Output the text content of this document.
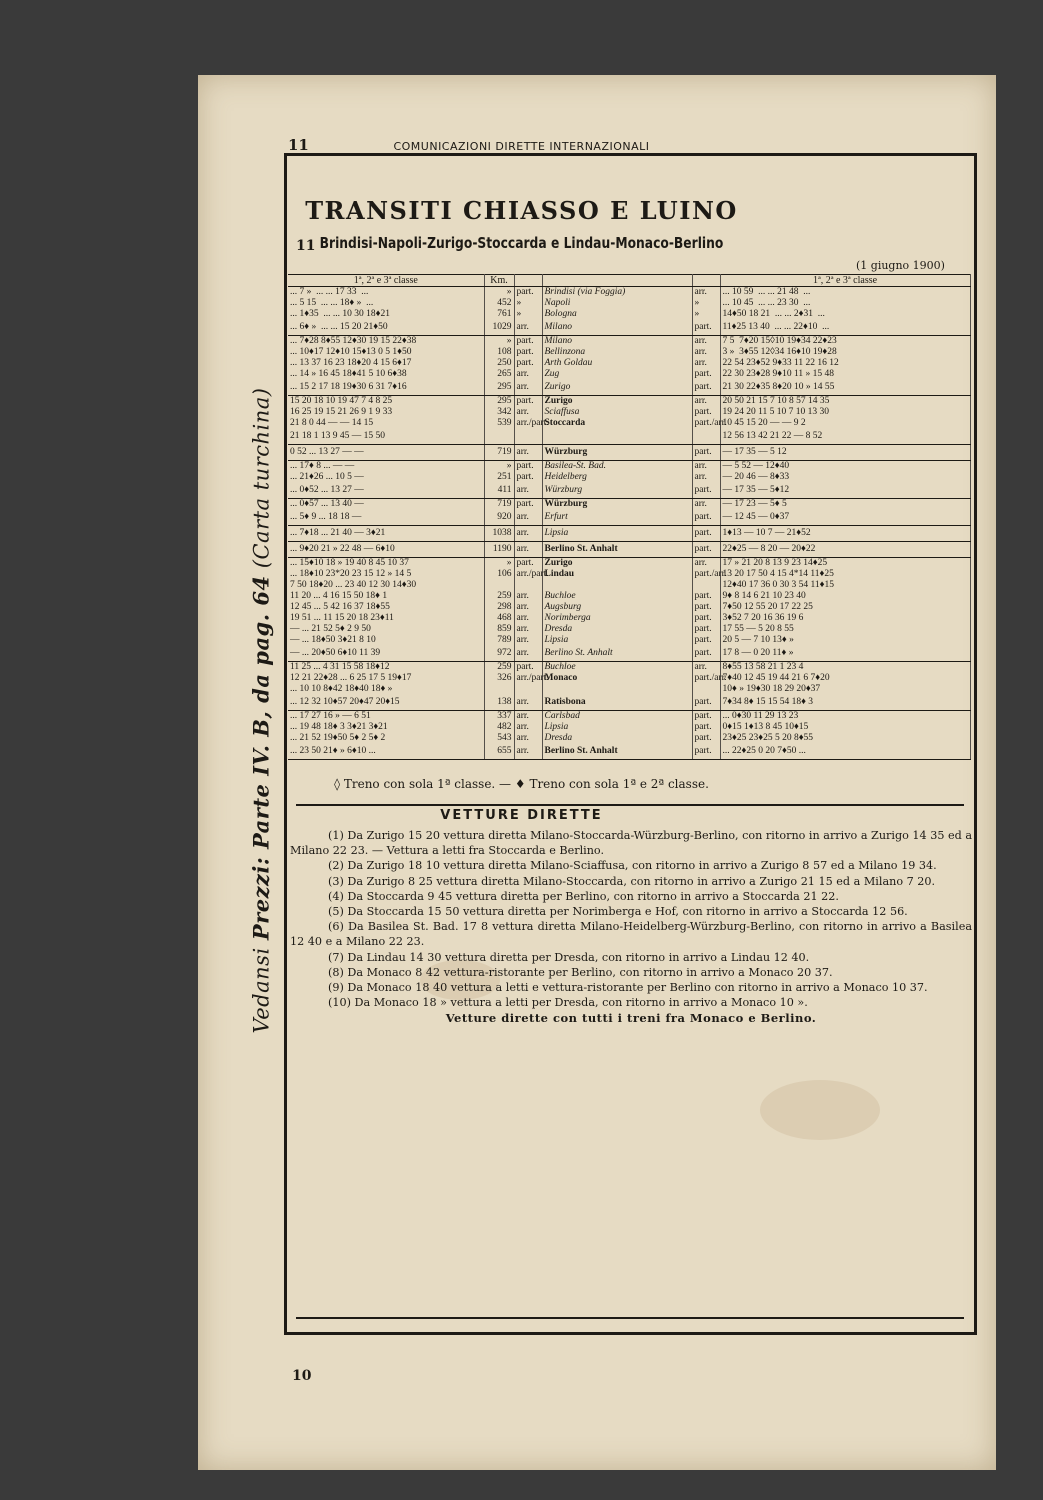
Vedansi Prezzi: Parte IV. B, da pag. 64 (Carta turchina)
11	COMUNICAZIONI DIRETTE INTERNAZIONALI
TRANSITI CHIASSO E LUINO
11 Brindisi-Napoli-Zurigo-Stoccarda e Lindau-Monaco-Berlino
(1 giugno 1900)
1ª, 2ª e 3ª classe	Km.				1ª, 2ª e 3ª classe
... 7 »  ... ... 17 33  ...	»	part.	Brindisi (via Foggia)	arr.	... 10 59  ... ... 21 48  ...
... 5 15  ... ... 18♦ »  ...	452	»	Napoli	»	... 10 45  ... ... 23 30  ...
... 1♦35  ... ... 10 30 18♦21	761	»	Bologna	»	14♦50 18 21  ... ... 2♦31  ...
... 6♦ »  ... ... 15 20 21♦50	1029	arr.	Milano	part.	11♦25 13 40  ... ... 22♦10  ...
... 7♦28 8♦55 12♦30 19 15 22♦38	»	part.	Milano	arr.	7 5  7♦20 15◊10 19♦34 22♦23
... 10♦17 12♦10 15♦13 0 5 1♦50	108	part.	Bellinzona	arr.	3 »  3♦55 12◊34 16♦10 19♦28
... 13 37 16 23 18♦20 4 15 6♦17	250	part.	Arth Goldau	arr.	22 54 23♦52 9♦33 11 22 16 12
... 14 » 16 45 18♦41 5 10 6♦38	265	arr.	Zug	part.	22 30 23♦28 9♦10 11 » 15 48
... 15 2 17 18 19♦30 6 31 7♦16	295	arr.	Zurigo	part.	21 30 22♦35 8♦20 10 » 14 55
15 20 18 10 19 47 7 4 8 25	295	part.	Zurigo	arr.	20 50 21 15 7 10 8 57 14 35
16 25 19 15 21 26 9 1 9 33	342	arr.	Sciaffusa	part.	19 24 20 11 5 10 7 10 13 30
21 8 0 44 — — 14 15	539	arr./part.	Stoccarda	part./arr.	10 45 15 20 — — 9 2
21 18 1 13 9 45 — 15 50					12 56 13 42 21 22 — 8 52
0 52 ... 13 27 — —	719	arr.	Würzburg	part.	— 17 35 — 5 12
... 17♦ 8 ... — —	»	part.	Basilea-St. Bad.	arr.	— 5 52 — 12♦40
... 21♦26 ... 10 5 —	251	part.	Heidelberg	arr.	— 20 46 — 8♦33
... 0♦52 ... 13 27 —	411	arr.	Würzburg	part.	— 17 35 — 5♦12
... 0♦57 ... 13 40 —	719	part.	Würzburg	arr.	— 17 23 — 5♦ 5
... 5♦ 9 ... 18 18 —	920	arr.	Erfurt	part.	— 12 45 — 0♦37
... 7♦18 ... 21 40 — 3♦21	1038	arr.	Lipsia	part.	1♦13 — 10 7 — 21♦52
... 9♦20 21 » 22 48 — 6♦10	1190	arr.	Berlino St. Anhalt	part.	22♦25 — 8 20 — 20♦22
... 15♦10 18 » 19 40 8 45 10 37	»	part.	Zurigo	arr.	17 » 21 20 8 13 9 23 14♦25
... 18♦10 23*20 23 15 12 » 14 5	106	arr./part.	Lindau	part./arr.	13 20 17 50 4 15 4*14 11♦25
7 50 18♦20 ... 23 40 12 30 14♦30					12♦40 17 36 0 30 3 54 11♦15
11 20 ... 4 16 15 50 18♦ 1	259	arr.	Buchloe	part.	9♦ 8 14 6 21 10 23 40
12 45 ... 5 42 16 37 18♦55	298	arr.	Augsburg	part.	7♦50 12 55 20 17 22 25
19 51 ... 11 15 20 18 23♦11	468	arr.	Norimberga	part.	3♦52 7 20 16 36 19 6
— ... 21 52 5♦ 2 9 50	859	arr.	Dresda	part.	17 55 — 5 20 8 55
— ... 18♦50 3♦21 8 10	789	arr.	Lipsia	part.	20 5 — 7 10 13♦ »
— ... 20♦50 6♦10 11 39	972	arr.	Berlino St. Anhalt	part.	17 8 — 0 20 11♦ »
11 25 ... 4 31 15 58 18♦12	259	part.	Buchloe	arr.	8♦55 13 58 21 1 23 4
12 21 22♦28 ... 6 25 17 5 19♦17	326	arr./part.	Monaco	part./arr.	7♦40 12 45 19 44 21 6 7♦20
... 10 10 8♦42 18♦40 18♦ »					10♦ » 19♦30 18 29 20♦37
... 12 32 10♦57 20♦47 20♦15	138	arr.	Ratisbona	part.	7♦34 8♦ 15 15 54 18♦ 3
... 17 27 16 » — 6 51	337	arr.	Carlsbad	part.	... 0♦30 11 29 13 23
... 19 48 18♦ 3 3♦21 3♦21	482	arr.	Lipsia	part.	0♦15 1♦13 8 45 10♦15
... 21 52 19♦50 5♦ 2 5♦ 2	543	arr.	Dresda	part.	23♦25 23♦25 5 20 8♦55
... 23 50 21♦ » 6♦10 ...	655	arr.	Berlino St. Anhalt	part.	... 22♦25 0 20 7♦50 ...
◊ Treno con sola 1ª classe. — ♦ Treno con sola 1ª e 2ª classe.
VETTURE DIRETTE

(1) Da Zurigo 15 20 vettura diretta Milano-Stoccarda-Würzburg-Berlino, con ritorno in arrivo a Zurigo 14 35 ed a Milano 22 23. — Vettura a letti fra Stoccarda e Berlino.

(2) Da Zurigo 18 10 vettura diretta Milano-Sciaffusa, con ritorno in arrivo a Zurigo 8 57 ed a Milano 19 34.

(3) Da Zurigo 8 25 vettura diretta Milano-Stoccarda, con ritorno in arrivo a Zurigo 21 15 ed a Milano 7 20.

(4) Da Stoccarda 9 45 vettura diretta per Berlino, con ritorno in arrivo a Stoccarda 21 22.

(5) Da Stoccarda 15 50 vettura diretta per Norimberga e Hof, con ritorno in arrivo a Stoccarda 12 56.

(6) Da Basilea St. Bad. 17 8 vettura diretta Milano-Heidelberg-Würzburg-Berlino, con ritorno in arrivo a Basilea 12 40 e a Milano 22 23.

(7) Da Lindau 14 30 vettura diretta per Dresda, con ritorno in arrivo a Lindau 12 40.

(8) Da Monaco 8 42 vettura-ristorante per Berlino, con ritorno in arrivo a Monaco 20 37.

(9) Da Monaco 18 40 vettura a letti e vettura-ristorante per Berlino con ritorno in arrivo a Monaco 10 37.

(10) Da Monaco 18 » vettura a letti per Dresda, con ritorno in arrivo a Monaco 10 ».

Vetture dirette con tutti i treni fra Monaco e Berlino.
10
